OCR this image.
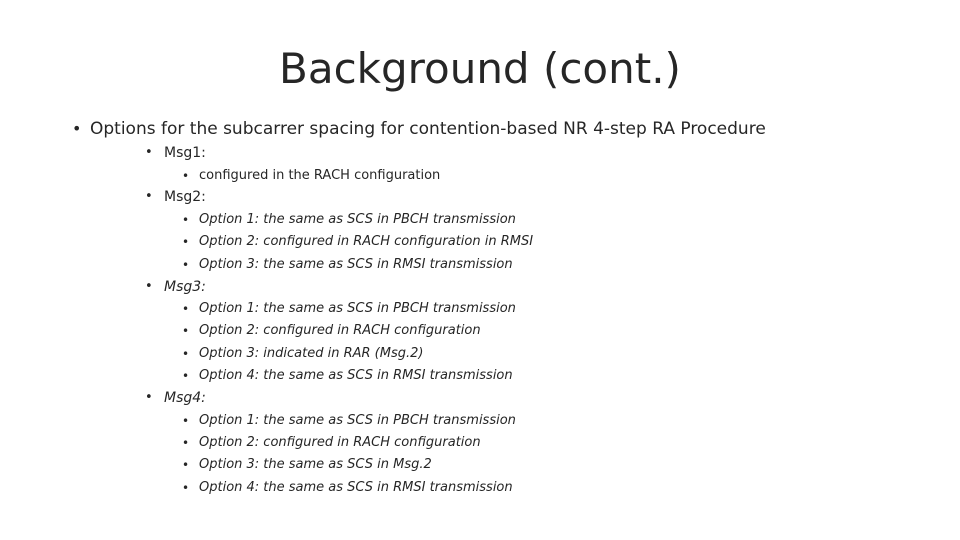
Background (cont.)
• Options for the subcarrer spacing for contention-based NR 4-step RA Procedure
• Msg1:
• configured in the RACH configuration
• Msg2:
• Option 1: the same as SCS in PBCH transmission
• Option 2: configured in RACH configuration in RMSI
• Option 3: the same as SCS in RMSI transmission
• Msg3:
• Option 1: the same as SCS in PBCH transmission
• Option 2: configured in RACH configuration
• Option 3: indicated in RAR (Msg.2)
• Option 4: the same as SCS in RMSI transmission
• Msg4:
• Option 1: the same as SCS in PBCH transmission
• Option 2: configured in RACH configuration
• Option 3: the same as SCS in Msg.2
• Option 4: the same as SCS in RMSI transmission
